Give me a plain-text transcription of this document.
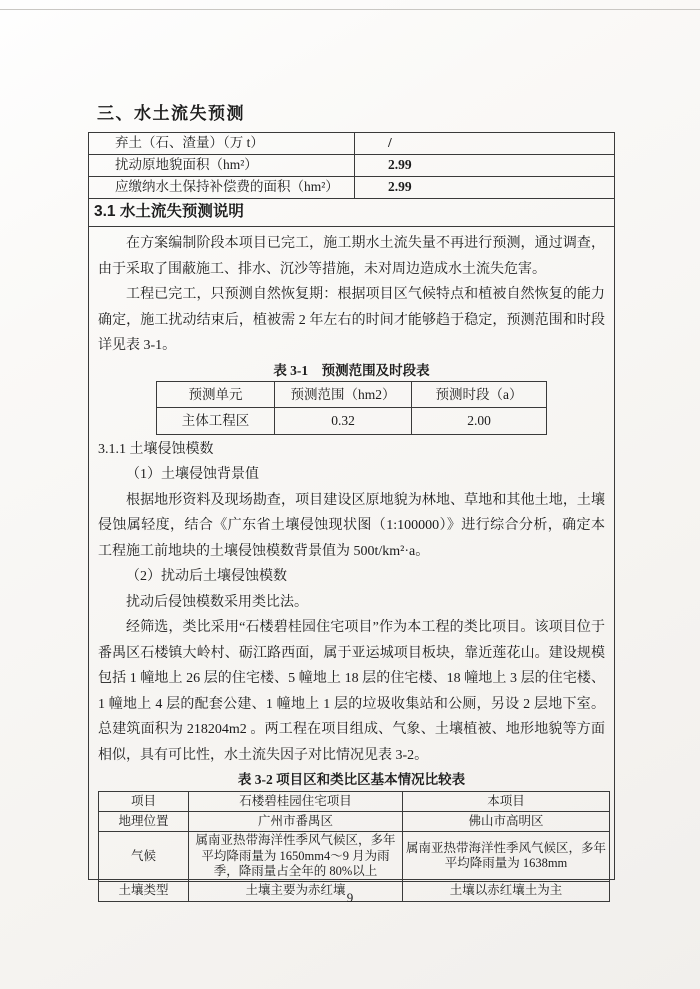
三、水土流失预测
弃土（石、渣量）（万 t）	/
扰动原地貌面积（hm²）	2.99
应缴纳水土保持补偿费的面积（hm²）	2.99
3.1 水土流失预测说明

在方案编制阶段本项目已完工，施工期水土流失量不再进行预测，通过调查，由于采取了围蔽施工、排水、沉沙等措施，未对周边造成水土流失危害。

工程已完工，只预测自然恢复期：根据项目区气候特点和植被自然恢复的能力确定，施工扰动结束后，植被需 2 年左右的时间才能够趋于稳定，预测范围和时段详见表 3-1。

表 3-1　预测范围及时段表

预测单元	预测范围（hm2）	预测时段（a）
主体工程区	0.32	2.00

3.1.1 土壤侵蚀模数

（1）土壤侵蚀背景值

根据地形资料及现场勘查，项目建设区原地貌为林地、草地和其他土地，土壤侵蚀属轻度，结合《广东省土壤侵蚀现状图（1:100000）》进行综合分析，确定本工程施工前地块的土壤侵蚀模数背景值为 500t/km²·a。

（2）扰动后土壤侵蚀模数

扰动后侵蚀模数采用类比法。

经筛选，类比采用“石楼碧桂园住宅项目”作为本工程的类比项目。该项目位于番禺区石楼镇大岭村、砺江路西面，属于亚运城项目板块，靠近莲花山。建设规模包括 1 幢地上 26 层的住宅楼、5 幢地上 18 层的住宅楼、18 幢地上 3 层的住宅楼、1 幢地上 4 层的配套公建、1 幢地上 1 层的垃圾收集站和公厕，另设 2 层地下室。总建筑面积为 218204m2 。两工程在项目组成、气象、土壤植被、地形地貌等方面相似，具有可比性，水土流失因子对比情况见表 3-2。

表 3-2 项目区和类比区基本情况比较表

项目	石楼碧桂园住宅项目	本项目
地理位置	广州市番禺区	佛山市高明区
气候	属南亚热带海洋性季风气候区，多年平均降雨量为 1650mm4～9 月为雨季，降雨量占全年的 80%以上	属南亚热带海洋性季风气候区，多年平均降雨量为 1638mm
土壤类型	土壤主要为赤红壤	土壤以赤红壤土为主
9
